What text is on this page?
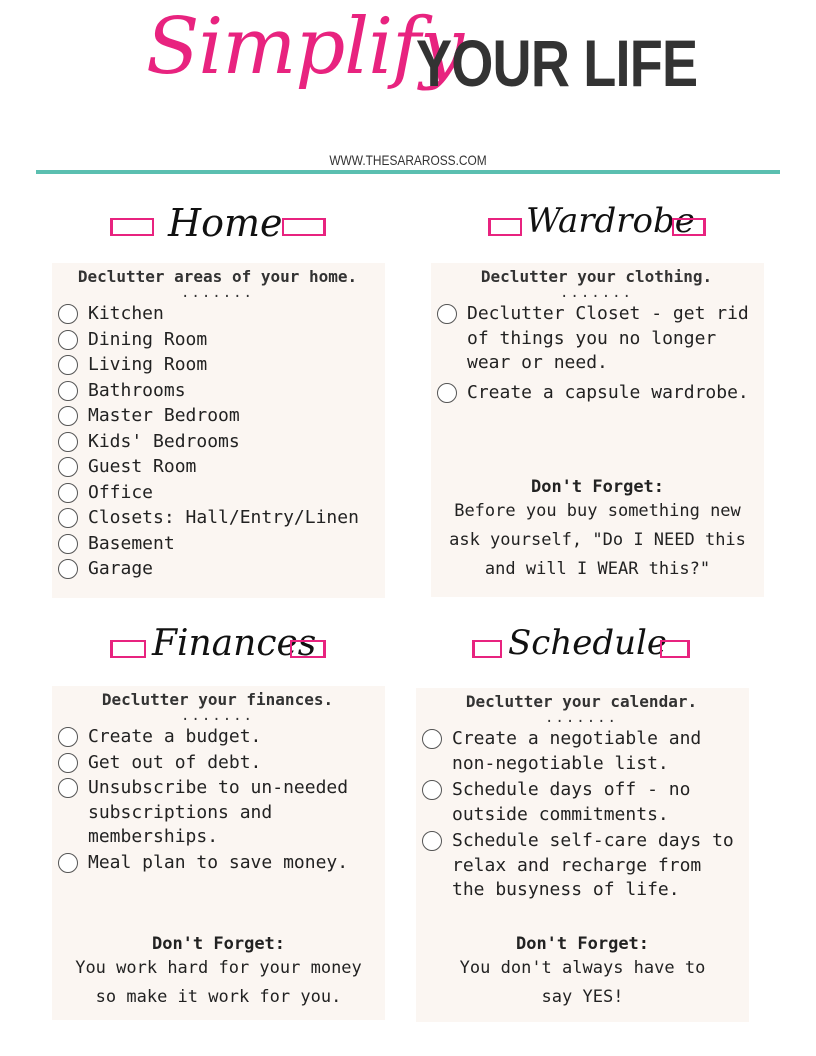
Simplify
YOUR LIFE
WWW.THESARAROSS.COM
Home
Declutter areas of your home.
.......
Kitchen
Dining Room
Living Room
Bathrooms
Master Bedroom
Kids' Bedrooms
Guest Room
Office
Closets: Hall/Entry/Linen
Basement
Garage
Wardrobe
Declutter your clothing.
.......
Declutter Closet - get rid of things you no longer wear or need.
Create a capsule wardrobe.
Don't Forget:
Before you buy something new ask yourself, "Do I NEED this and will I WEAR this?"
Finances
Declutter your finances.
.......
Create a budget.
Get out of debt.
Unsubscribe to un-needed subscriptions and memberships.
Meal plan to save money.
Don't Forget:
You work hard for your money so make it work for you.
Schedule
Declutter your calendar.
.......
Create a negotiable and non-negotiable list.
Schedule days off - no outside commitments.
Schedule self-care days to relax and recharge from the busyness of life.
Don't Forget:
You don't always have to say YES!
